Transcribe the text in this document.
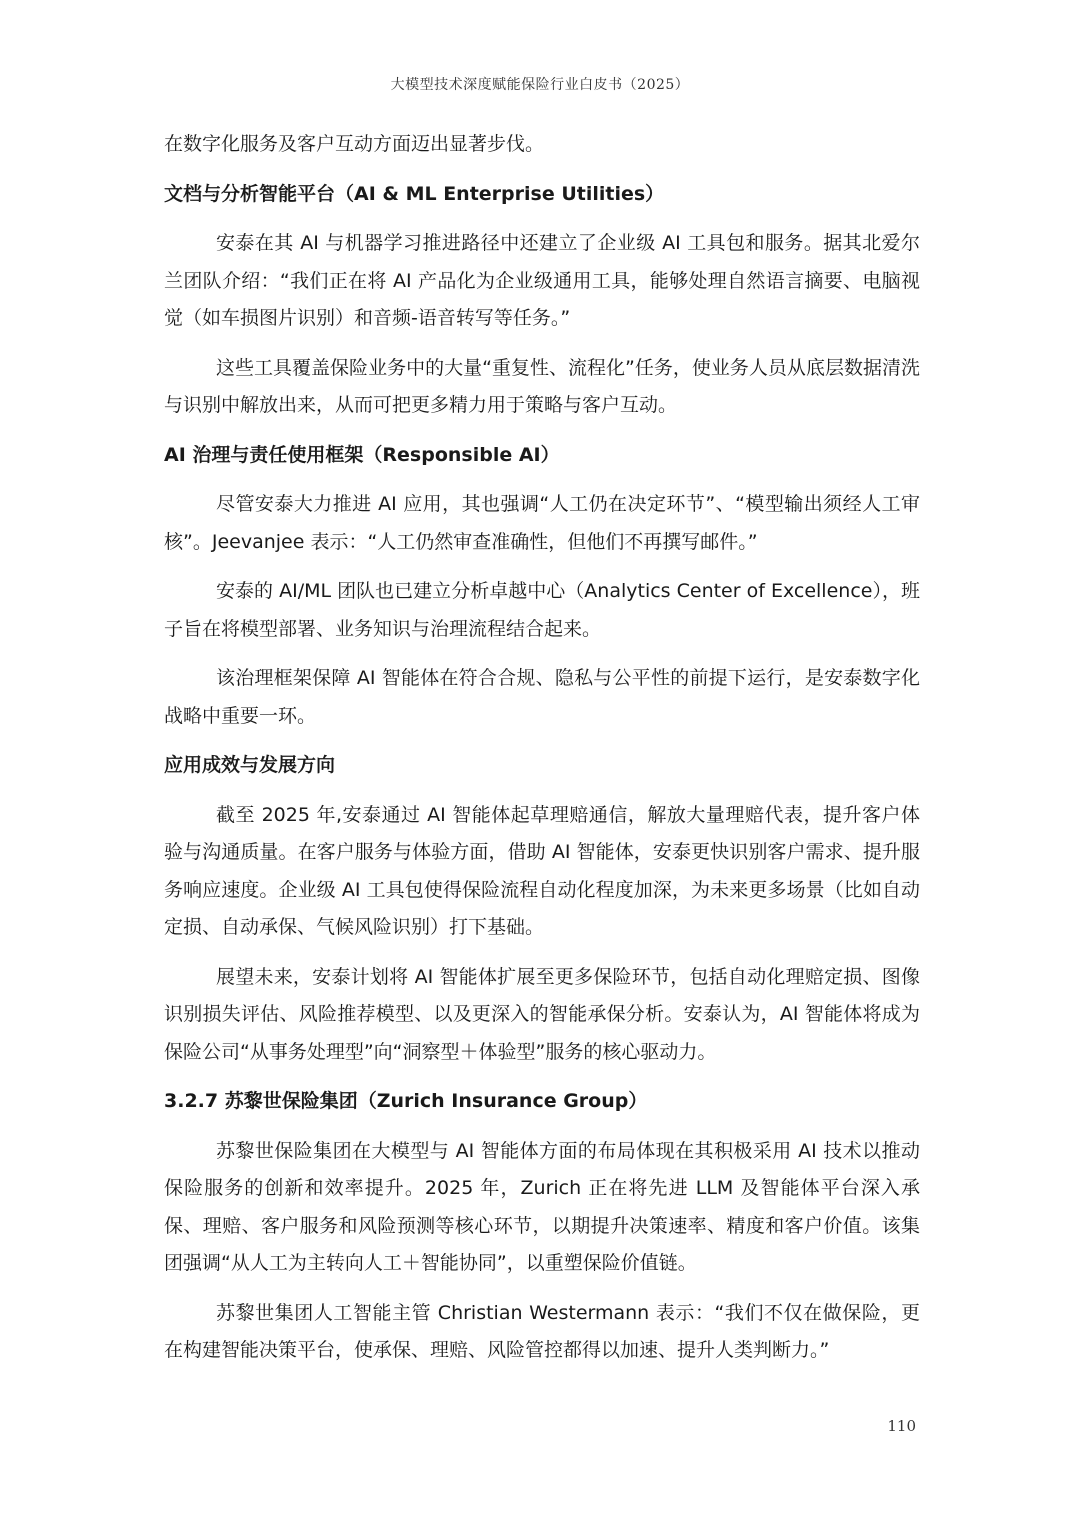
大模型技术深度赋能保险行业白皮书（2025）

在数字化服务及客户互动方面迈出显著步伐。

文档与分析智能平台（AI & ML Enterprise Utilities）

安泰在其 AI 与机器学习推进路径中还建立了企业级 AI 工具包和服务。据其北爱尔兰团队介绍：“我们正在将 AI 产品化为企业级通用工具，能够处理自然语言摘要、电脑视觉（如车损图片识别）和音频-语音转写等任务。”

这些工具覆盖保险业务中的大量“重复性、流程化”任务，使业务人员从底层数据清洗与识别中解放出来，从而可把更多精力用于策略与客户互动。

AI 治理与责任使用框架（Responsible AI）

尽管安泰大力推进 AI 应用，其也强调“人工仍在决定环节”、“模型输出须经人工审核”。Jeevanjee 表示：“人工仍然审查准确性，但他们不再撰写邮件。”

安泰的 AI/ML 团队也已建立分析卓越中心（Analytics Center of Excellence），班子旨在将模型部署、业务知识与治理流程结合起来。

该治理框架保障 AI 智能体在符合合规、隐私与公平性的前提下运行，是安泰数字化战略中重要一环。

应用成效与发展方向

截至 2025 年,安泰通过 AI 智能体起草理赔通信，解放大量理赔代表，提升客户体验与沟通质量。在客户服务与体验方面，借助 AI 智能体，安泰更快识别客户需求、提升服务响应速度。企业级 AI 工具包使得保险流程自动化程度加深，为未来更多场景（比如自动定损、自动承保、气候风险识别）打下基础。

展望未来，安泰计划将 AI 智能体扩展至更多保险环节，包括自动化理赔定损、图像识别损失评估、风险推荐模型、以及更深入的智能承保分析。安泰认为，AI 智能体将成为保险公司“从事务处理型”向“洞察型＋体验型”服务的核心驱动力。

3.2.7 苏黎世保险集团（Zurich Insurance Group）

苏黎世保险集团在大模型与 AI 智能体方面的布局体现在其积极采用 AI 技术以推动保险服务的创新和效率提升。2025 年，Zurich 正在将先进 LLM 及智能体平台深入承保、理赔、客户服务和风险预测等核心环节，以期提升决策速率、精度和客户价值。该集团强调“从人工为主转向人工＋智能协同”，以重塑保险价值链。

苏黎世集团人工智能主管 Christian Westermann 表示：“我们不仅在做保险，更在构建智能决策平台，使承保、理赔、风险管控都得以加速、提升人类判断力。”

110
